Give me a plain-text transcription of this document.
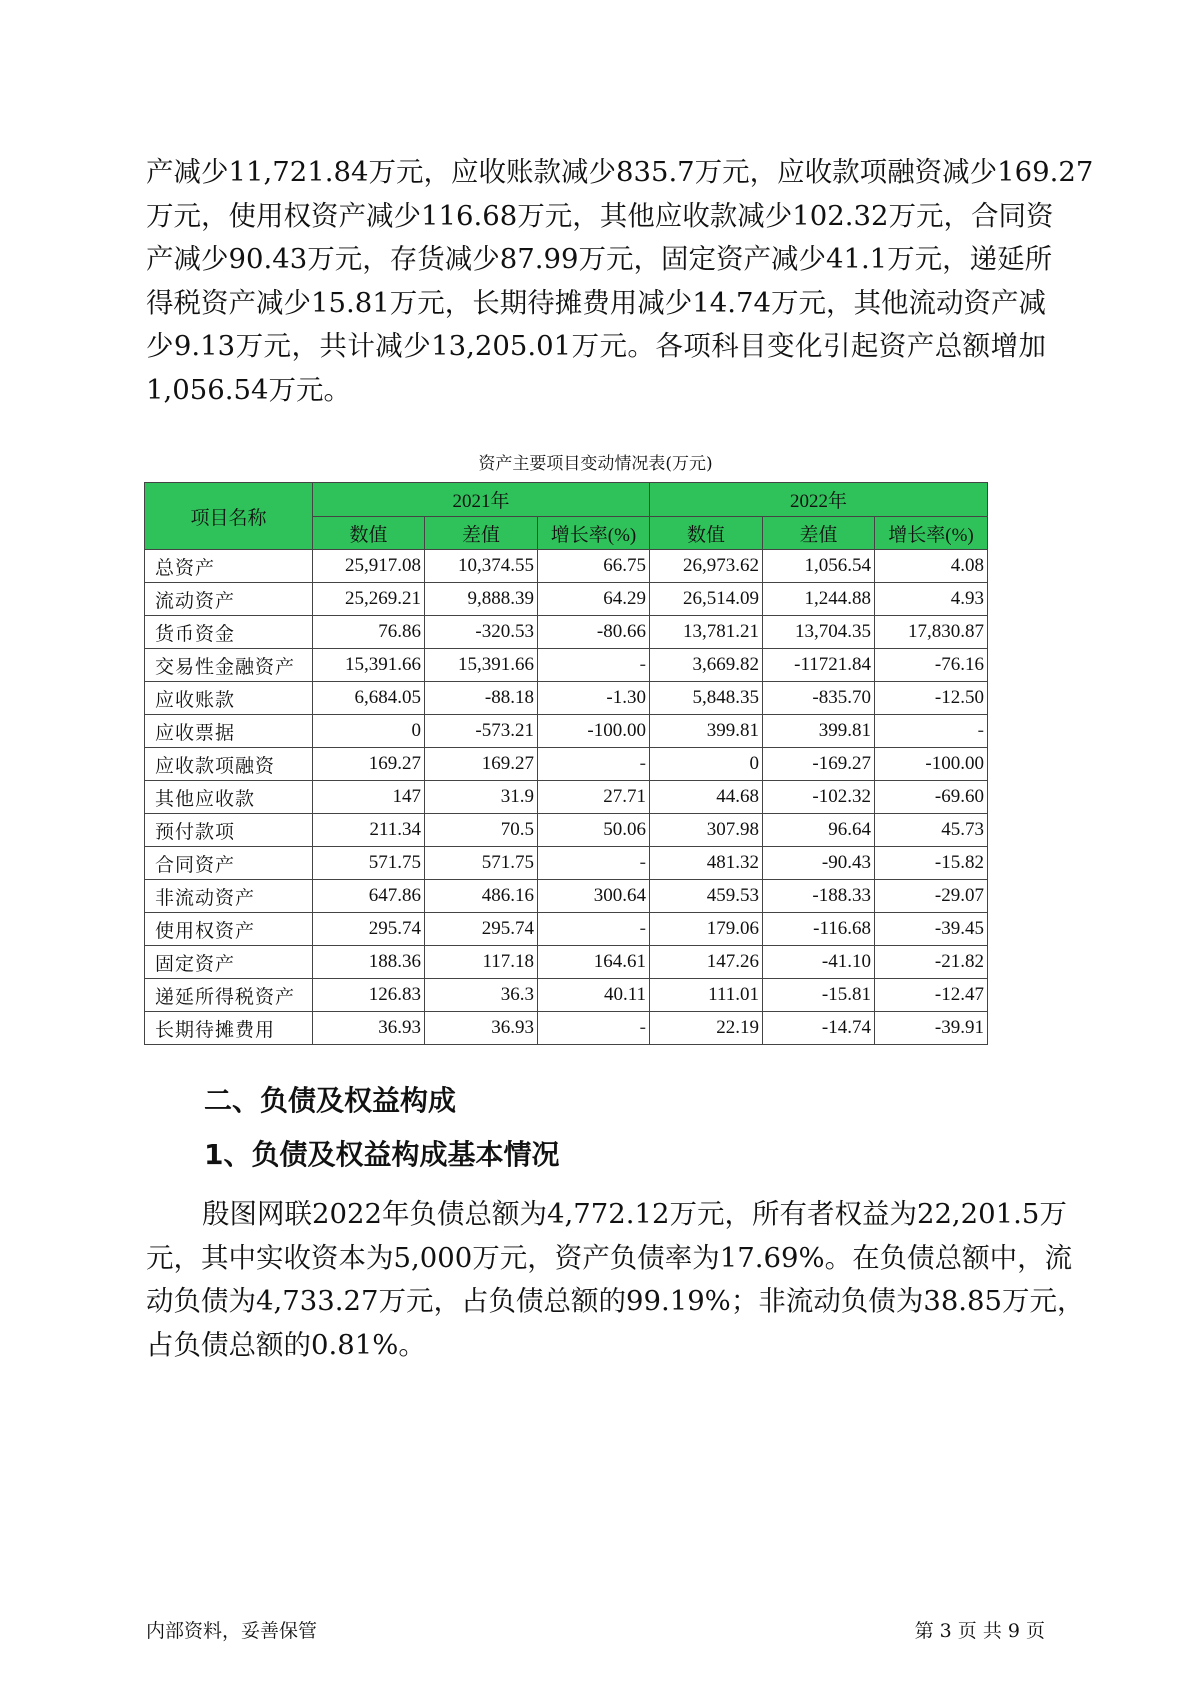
产减少11,721.84万元，应收账款减少835.7万元，应收款项融资减少169.27
万元，使用权资产减少116.68万元，其他应收款减少102.32万元，合同资
产减少90.43万元，存货减少87.99万元，固定资产减少41.1万元，递延所
得税资产减少15.81万元，长期待摊费用减少14.74万元，其他流动资产减
少9.13万元，共计减少13,205.01万元。各项科目变化引起资产总额增加
1,056.54万元。
资产主要项目变动情况表(万元)
项目名称	2021年			2022年		
	数值	差值	增长率(%)	数值	差值	增长率(%)
总资产	25,917.08	10,374.55	66.75	26,973.62	1,056.54	4.08
流动资产	25,269.21	9,888.39	64.29	26,514.09	1,244.88	4.93
货币资金	76.86	-320.53	-80.66	13,781.21	13,704.35	17,830.87
交易性金融资产	15,391.66	15,391.66	-	3,669.82	-11721.84	-76.16
应收账款	6,684.05	-88.18	-1.30	5,848.35	-835.70	-12.50
应收票据	0	-573.21	-100.00	399.81	399.81	-
应收款项融资	169.27	169.27	-	0	-169.27	-100.00
其他应收款	147	31.9	27.71	44.68	-102.32	-69.60
预付款项	211.34	70.5	50.06	307.98	96.64	45.73
合同资产	571.75	571.75	-	481.32	-90.43	-15.82
非流动资产	647.86	486.16	300.64	459.53	-188.33	-29.07
使用权资产	295.74	295.74	-	179.06	-116.68	-39.45
固定资产	188.36	117.18	164.61	147.26	-41.10	-21.82
递延所得税资产	126.83	36.3	40.11	111.01	-15.81	-12.47
长期待摊费用	36.93	36.93	-	22.19	-14.74	-39.91
二、负债及权益构成
1、负债及权益构成基本情况
殷图网联2022年负债总额为4,772.12万元，所有者权益为22,201.5万
元，其中实收资本为5,000万元，资产负债率为17.69%。在负债总额中，流
动负债为4,733.27万元，占负债总额的99.19%；非流动负债为38.85万元，
占负债总额的0.81%。
内部资料，妥善保管	第 3 页 共 9 页
